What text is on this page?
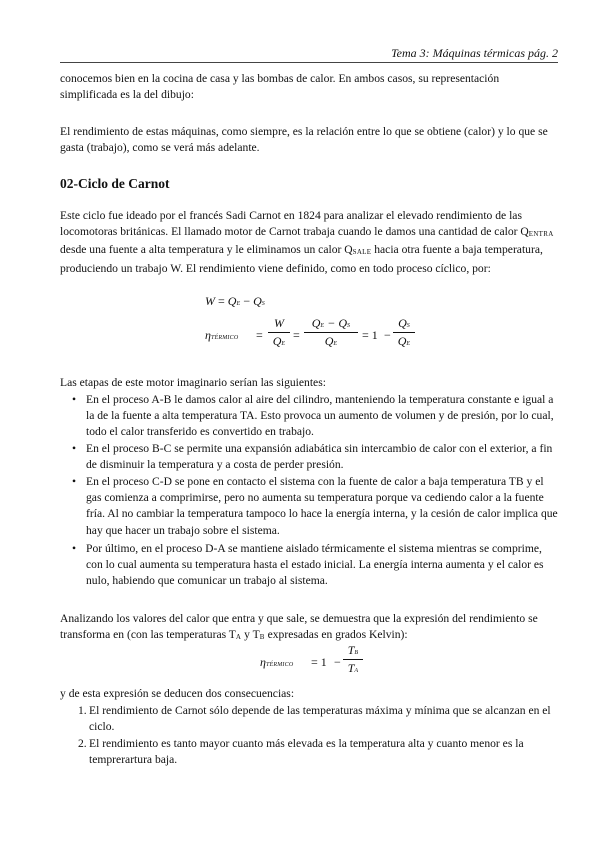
Tema 3: Máquinas térmicas pág. 2
conocemos bien en la cocina de casa y las bombas de calor. En ambos casos, su representación simplificada es la del dibujo:
El rendimiento de estas máquinas, como siempre, es la relación entre lo que se obtiene (calor) y lo que se gasta (trabajo), como se verá más adelante.
02-Ciclo de Carnot
Este ciclo fue ideado por el francés Sadi Carnot en 1824 para analizar el elevado rendimiento de las locomotoras británicas. El llamado motor de Carnot trabaja cuando le damos una cantidad de calor $Q_{ENTRA}$ desde una fuente a alta temperatura y le eliminamos un calor $Q_{SALE}$ hacia otra fuente a baja temperatura, produciendo un trabajo W. El rendimiento viene definido, como en todo proceso cíclico, por:
W = QE − QS
ηTÉRMICO =
W
QE
=
QE − QS
QE
= 1 −
QS
QE
Las etapas de este motor imaginario serían las siguientes:
• En el proceso A-B le damos calor al aire del cilindro, manteniendo la temperatura constante e igual a la de la fuente a alta temperatura TA. Esto provoca un aumento de volumen y de presión, por lo cual, todo el calor transferido es convertido en trabajo.
• En el proceso B-C se permite una expansión adiabática sin intercambio de calor con el exterior, a fin de disminuir la temperatura y a costa de perder presión.
• En el proceso C-D se pone en contacto el sistema con la fuente de calor a baja temperatura TB y el gas comienza a comprimirse, pero no aumenta su temperatura porque va cediendo calor a la fuente fría. Al no cambiar la temperatura tampoco lo hace la energía interna, y la cesión de calor implica que hay que hacer un trabajo sobre el sistema.
• Por último, en el proceso D-A se mantiene aislado térmicamente el sistema mientras se comprime, con lo cual aumenta su temperatura hasta el estado inicial. La energía interna aumenta y el calor es nulo, habiendo que comunicar un trabajo al sistema.
Analizando los valores del calor que entra y que sale, se demuestra que la expresión del rendimiento se transforma en (con las temperaturas $T_A$ y $T_B$ expresadas en grados Kelvin):
ηTÉRMICO = 1 −
TB
TA
y de esta expresión se deducen dos consecuencias:
1. El rendimiento de Carnot sólo depende de las temperaturas máxima y mínima que se alcanzan en el ciclo.
2. El rendimiento es tanto mayor cuanto más elevada es la temperatura alta y cuanto menor es la temprerartura baja.
